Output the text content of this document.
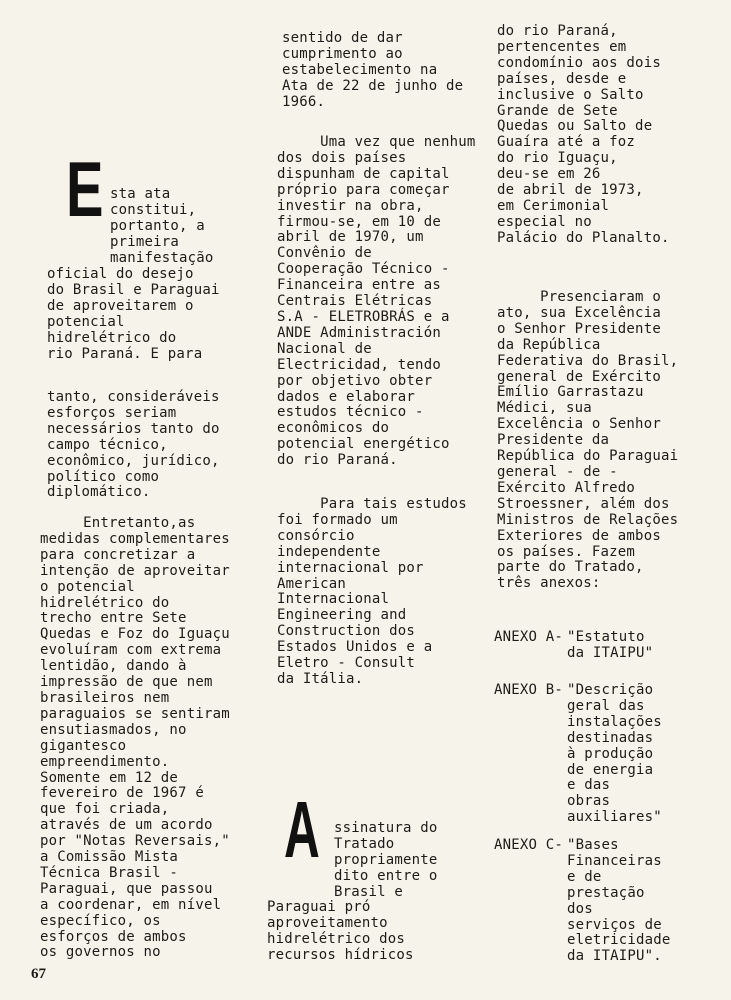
E sta ata
constitui,
portanto, a
primeira
manifestação

oficial do desejo
do Brasil e Paraguai
de aproveitarem o
potencial
hidrelétrico do
rio Paraná. E para

tanto, consideráveis
esforços seriam
necessários tanto do
campo técnico,
econômico, jurídico,
político como
diplomático.

Entretanto,as
medidas complementares
para concretizar a
intenção de aproveitar
o potencial
hidrelétrico do
trecho entre Sete
Quedas e Foz do Iguaçu
evoluíram com extrema
lentidão, dando à
impressão de que nem
brasileiros nem
paraguaios se sentiram
ensutiasmados, no
gigantesco
empreendimento.
Somente em 12 de
fevereiro de 1967 é
que foi criada,
através de um acordo
por "Notas Reversais,"
a Comissão Mista
Técnica Brasil -
Paraguai, que passou
a coordenar, em nível
específico, os
esforços de ambos
os governos no

sentido de dar
cumprimento ao
estabelecimento na
Ata de 22 de junho de
1966.

Uma vez que nenhum
dos dois países
dispunham de capital
próprio para começar
investir na obra,
firmou-se, em 10 de
abril de 1970, um
Convênio de
Cooperação Técnico -
Financeira entre as
Centrais Elétricas
S.A - ELETROBRÁS e a
ANDE Administración
Nacional de
Electricidad, tendo
por objetivo obter
dados e elaborar
estudos técnico -
econômicos do
potencial energético
do rio Paraná.

Para tais estudos
foi formado um
consórcio
independente
internacional por
American
Internacional
Engineering and
Construction dos
Estados Unidos e a
Eletro - Consult
da Itália.

A ssinatura do
Tratado
propriamente
dito entre o
Brasil e

Paraguai pró
aproveitamento
hidrelétrico dos
recursos hídricos

do rio Paraná,
pertencentes em
condomínio aos dois
países, desde e
inclusive o Salto
Grande de Sete
Quedas ou Salto de
Guaíra até a foz
do rio Iguaçu,
deu-se em 26
de abril de 1973,
em Cerimonial
especial no
Palácio do Planalto.

Presenciaram o
ato, sua Excelência
o Senhor Presidente
da República
Federativa do Brasil,
general de Exército
Emílio Garrastazu
Médici, sua
Excelência o Senhor
Presidente da
República do Paraguai
general - de -
Exército Alfredo
Stroessner, além dos
Ministros de Relações
Exteriores de ambos
os países. Fazem
parte do Tratado,
três anexos:

ANEXO A- "Estatuto
da ITAIPU"

ANEXO B- "Descrição
geral das
instalações
destinadas
à produção
de energia
e das
obras
auxiliares"

ANEXO C- "Bases
Financeiras
e de
prestação
dos
serviços de
eletricidade
da ITAIPU".

67
